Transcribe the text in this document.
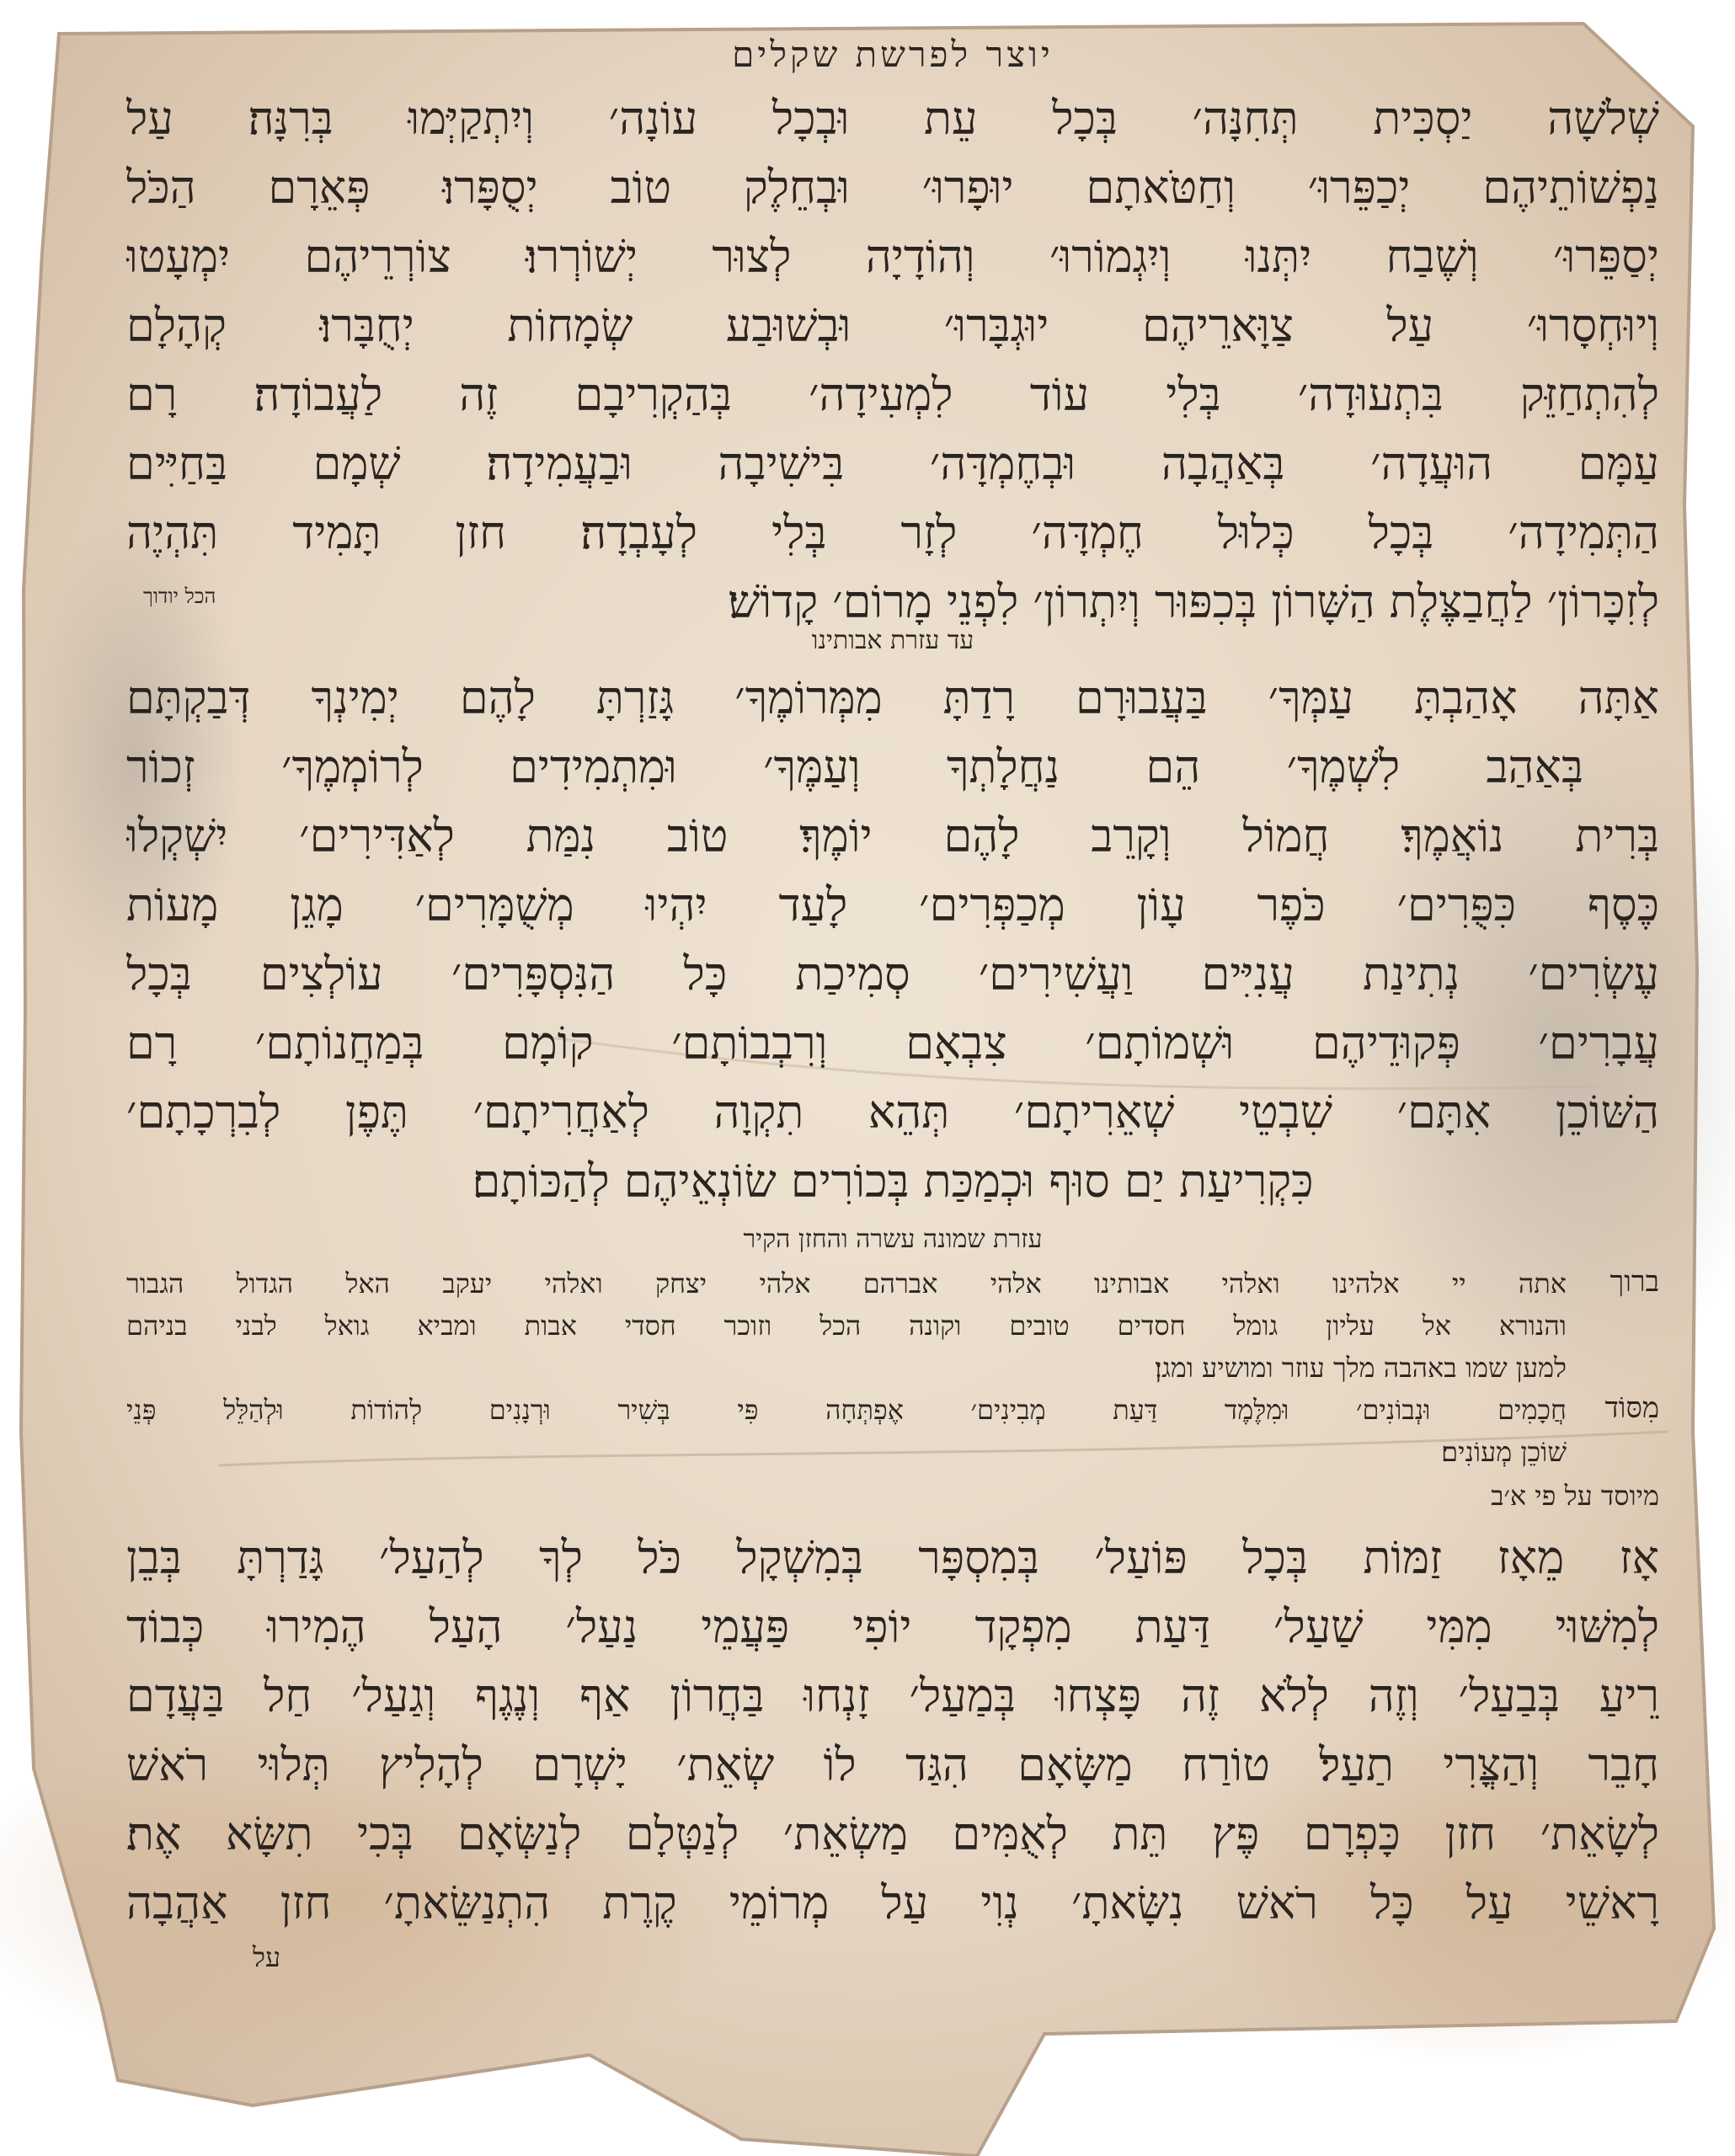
יוצר לפרשת שקלים
שְׁלֹשָׁה יַסְכִּית תְּחִנָּה׳ בְּכָל עֵת וּבְכָל עוֹנָה׳ וְיִתְקַיְּמוּ בְּרִנָּה׃ עַל
נַפְשׁוֹתֵיהֶם יְכַפֵּרוּ׳ וְחַטֹּאתָם יוּפָרוּ׳ וּבְחֵלֶק טוֹב יְסֻפָּרוּ׃ פְּאֵרָם הַכֹּל
יְסַפֵּרוּ׳ וְשֶׁבַח יִתְּנוּ וְיִגְמוֹרוּ׳ וְהוֹדָיָה לְצוּר יְשׁוֹרְרוּ׃ צוֹרְרֵיהֶם יִמְעָטוּ
וְיוּחְסָרוּ׳ עַל צַוָּארֵיהֶם יוּגְבָּרוּ׳ וּבְשׁוּבַע שְׂמָחוֹת יְחֻבָּרוּ׃ קְהָלָם
לְהִתְחַזֵּק בִּתְעוּדָה׳ בְּלִי עוֹד לִמְעִידָה׳ בְּהַקְרִיבָם זֶה לַעֲבוֹדָה׃ רָם
עַמָּם הוּעֲדָה׳ בְּאַהֲבָה וּבְחֶמְדָּה׳ בִּישִׁיבָה וּבַעֲמִידָה׃ שְׁמָם בַּחַיִּים
הַתְּמִידָה׳ בְּכָל כְּלוּל חֶמְדָּה׳ לְזָר בְּלִי לְעָבְדָה׃ חזן תָּמִיד תִּהְיֶה
לְזִכָּרוֹן׳ לַחֲבַצֶּלֶת הַשָּׁרוֹן בְּכִפּוּר וְיִתְרוֹן׳ לִפְנֵי מָרוֹם׳ קָדוֹשׁ׃
הכל יודוך
עד עזרת אבותינו
אַתָּה אָהַבְתָּ עַמְּךָ׳ בַּעֲבוּרָם רָדַתָּ מִמְּרוֹמֶךָ׳ גָּזַרְתָּ לָהֶם יְמִינְךָ דְּבַקְתָּם
בְּאַהַב לִשְׁמֶךָ׳ הֵם נַחֲלָתְךָ וְעַמֶּךָ׳ וּמִתְמִידִים לְרוֹמְמֶךָ׳ זְכוֹר
בְּרִית נוֹאֲמֶךָ׃ חֲמוֹל וְקָרֵב לָהֶם יוֹמֶךָ׃ טוֹב נִמַּת לְאַדִּירִים׳ יִשְׁקְלוּ
כֶּסֶף כִּפֻּרִים׳ כֹּפֶר עָוֹן מְכַפְּרִים׳ לָעַד יִהְיוּ מְשֻׁמָּרִים׳ מָגֵן מָעוֹת
עֶשְׂרִים׳ נְתִינַת עֲנִיִּים וַעֲשִׁירִים׳ סְמִיכַת כָּל הַנִּסְפָּרִים׳ עוֹלְצִים בְּכָל
עֲבָרִים׳ פְּקוּדֵיהֶם וּשְׁמוֹתָם׳ צִבְאָם וְרִבְבוֹתָם׳ קוֹמָם בְּמַחֲנוֹתָם׳ רָם
הַשּׁוֹכֵן אִתָּם׳ שִׁבְטֵי שְׁאֵרִיתָם׳ תְּהֵא תִקְוָה לְאַחֲרִיתָם׳ תֶּפֶן לְבִרְכָתָם׳
כִּקְרִיעַת יַם סוּף וּכְמַכַּת בְּכוֹרִים שׂוֹנְאֵיהֶם לְהַכּוֹתָם׃
עזרת שמונה עשרה והחזן הקיר
ברוך
אתה יי אלהינו ואלהי אבותינו אלהי אברהם אלהי יצחק ואלהי יעקב האל הגדול הגבור
והנורא אל עליון גומל חסדים טובים וקונה הכל וזוכר חסדי אבות ומביא גואל לבני בניהם
למען שמו באהבה מלך עוזר ומושיע ומגן׃
מִסּוֹד
חֲכָמִים וּנְבוֹנִים׳ וּמִלֶּמֶד דַּעַת מְבִינִים׳ אֶפְתְּחָה פִּי בְּשִׁיר וּרְנָנִים לְהוֹדוֹת וּלְהַלֵּל פְּנֵי
שׁוֹכֵן מְעוֹנִים׃
מיוסד על פי א׳ב
אָז מֵאָז זַמּוֹת בְּכָל פּוֹעַל׳ בְּמִסְפָּר בְּמִשְׁקָל כֹּל לְךָ לְהַעַל׳ גָּדַרְתָּ בְּבֵן
לְמִשּׁוּי מִמִּי שַׁעַל׳ דַּעַת מִפְקָד יוֹפִי פַּעֲמֵי נַעַל׳ הָעַל הֶמִירוּ כְּבוֹד
רֵיעַ בְּבַעַל׳ וְזֶה לְלֹא זֶה פָּצְחוּ בְּמַעַל׳ זָנְחוּ בַּחֲרוֹן אַף וְנֶגֶף וְגַעַל׳ חַל בַּעֲדָם
חָבֵר וְהַצֳּרִי תַעַל׃ טוֹרַח מַשָּׂאָם הִגַּד לוֹ שְׂאֵת׳ יָשְׁרָם לְהָלִיץ תְּלוּי רֹאשׁ
לְשָׂאֵת׳ חזן כָּפְרָם פֶּץ תֵּת לְאֻמִּים מַשְׂאֵת׳ לְנַטְּלָם לְנַשְּׂאָם בְּכִי תִשָּׂא אֶת׃
רָאשֵׁי עַל כָּל רֹאשׁ נִשָּׂאתָ׳ נְוִי עַל מְרוֹמֵי קֶרֶת הִתְנַשֵּׂאתָ׳ חזן אַהֲבָה
על
